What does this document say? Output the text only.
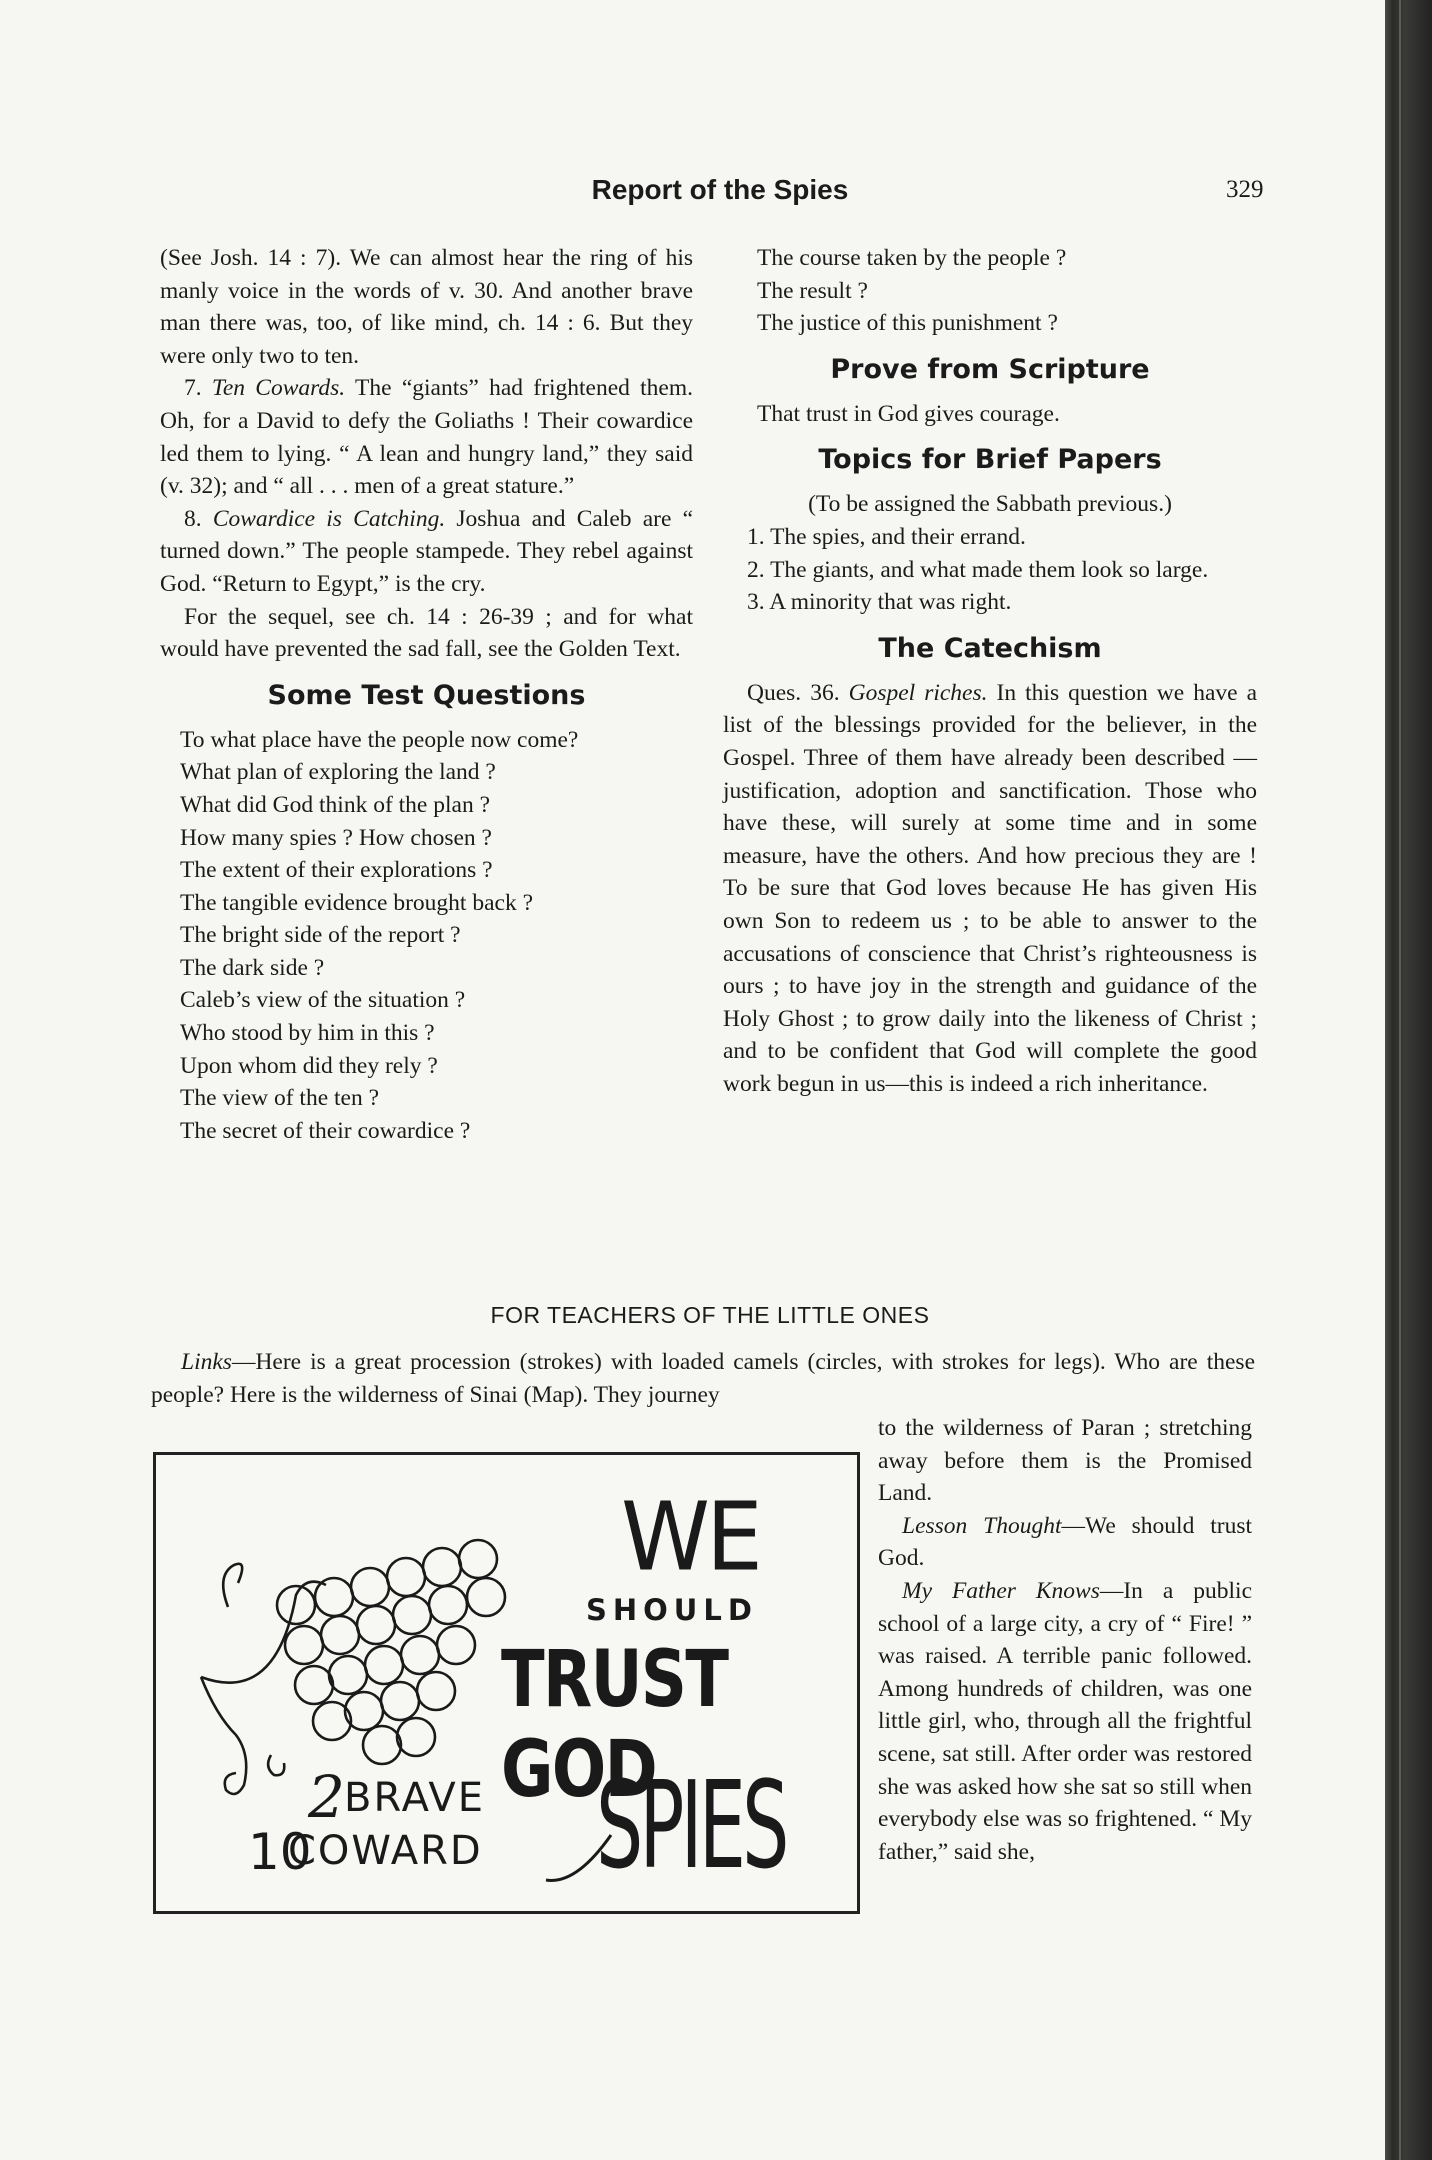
Report of the Spies	329

(See Josh. 14 : 7). We can almost hear the ring of his manly voice in the words of v. 30. And another brave man there was, too, of like mind, ch. 14 : 6. But they were only two to ten.

7. Ten Cowards. The “giants” had frightened them. Oh, for a David to defy the Goliaths ! Their cowardice led them to lying. “ A lean and hungry land,” they said (v. 32); and “ all . . . men of a great stature.”

8. Cowardice is Catching. Joshua and Caleb are “ turned down.” The people stampede. They rebel against God. “Return to Egypt,” is the cry.

For the sequel, see ch. 14 : 26-39 ; and for what would have prevented the sad fall, see the Golden Text.

Some Test Questions
To what place have the people now come?
What plan of exploring the land ?
What did God think of the plan ?
How many spies ? How chosen ?
The extent of their explorations ?
The tangible evidence brought back ?
The bright side of the report ?
The dark side ?
Caleb’s view of the situation ?
Who stood by him in this ?
Upon whom did they rely ?
The view of the ten ?
The secret of their cowardice ?

The course taken by the people ?

The result ?

The justice of this punishment ?

Prove from Scripture

That trust in God gives courage.

Topics for Brief Papers

(To be assigned the Sabbath previous.)

1. The spies, and their errand.

2. The giants, and what made them look so large.

3. A minority that was right.

The Catechism

Ques. 36. Gospel riches. In this question we have a list of the blessings provided for the believer, in the Gospel. Three of them have already been described —justification, adoption and sanctification. Those who have these, will surely at some time and in some measure, have the others. And how precious they are ! To be sure that God loves because He has given His own Son to redeem us ; to be able to answer to the accusations of conscience that Christ’s righteousness is ours ; to have joy in the strength and guidance of the Holy Ghost ; to grow daily into the likeness of Christ ; and to be confident that God will complete the good work begun in us—this is indeed a rich inheritance.

FOR TEACHERS OF THE LITTLE ONES

Links—Here is a great procession (strokes) with loaded camels (circles, with strokes for legs). Who are these people? Here is the wilderness of Sinai (Map). They journey

to the wilderness of Paran ; stretching away before them is the Promised Land.

Lesson Thought—We should trust God.

My Father Knows—In a public school of a large city, a cry of “ Fire! ” was raised. A terrible panic followed. Among hundreds of children, was one little girl, who, through all the frightful scene, sat still. After order was restored she was asked how she sat so still when everybody else was so frightened. “ My father,” said she,

WE
SHOULD
TRUST GOD
2 BRAVE
10
COWARD SPIES
